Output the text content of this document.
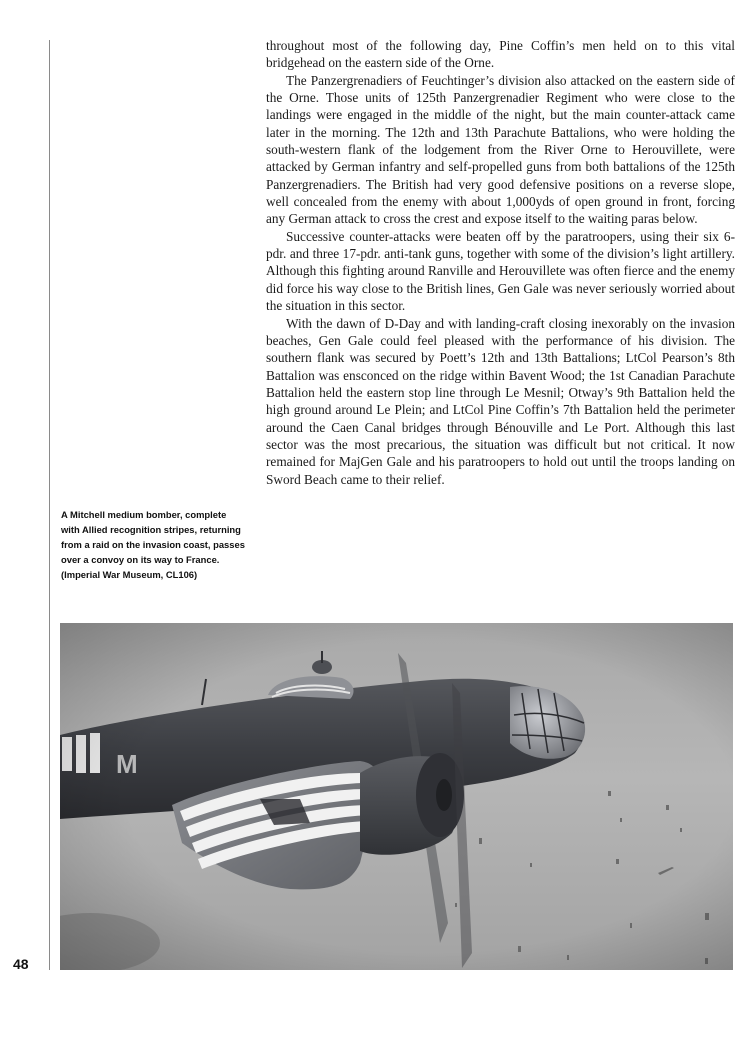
throughout most of the following day, Pine Coffin’s men held on to this vital bridgehead on the eastern side of the Orne.

The Panzergrenadiers of Feuchtinger’s division also attacked on the eastern side of the Orne. Those units of 125th Panzergrenadier Regiment who were close to the landings were engaged in the middle of the night, but the main counter-attack came later in the morning. The 12th and 13th Parachute Battalions, who were holding the south-western flank of the lodgement from the River Orne to Herouvillete, were attacked by German infantry and self-propelled guns from both battalions of the 125th Panzergrenadiers. The British had very good defensive positions on a reverse slope, well concealed from the enemy with about 1,000yds of open ground in front, forcing any German attack to cross the crest and expose itself to the waiting paras below.

Successive counter-attacks were beaten off by the paratroopers, using their six 6-pdr. and three 17-pdr. anti-tank guns, together with some of the division’s light artillery. Although this fighting around Ranville and Herouvillete was often fierce and the enemy did force his way close to the British lines, Gen Gale was never seriously worried about the situation in this sector.

With the dawn of D-Day and with landing-craft closing inexorably on the invasion beaches, Gen Gale could feel pleased with the performance of his division. The southern flank was secured by Poett’s 12th and 13th Battalions; LtCol Pearson’s 8th Battalion was ensconced on the ridge within Bavent Wood; the 1st Canadian Parachute Battalion held the eastern stop line through Le Mesnil; Otway’s 9th Battalion held the high ground around Le Plein; and LtCol Pine Coffin’s 7th Battalion held the perimeter around the Caen Canal bridges through Bénouville and Le Port. Although this last sector was the most precarious, the situation was difficult but not critical. It now remained for MajGen Gale and his paratroopers to hold out until the troops landing on Sword Beach came to their relief.

A Mitchell medium bomber, complete with Allied recognition stripes, returning from a raid on the invasion coast, passes over a convoy on its way to France. (Imperial War Museum, CL106)
48
